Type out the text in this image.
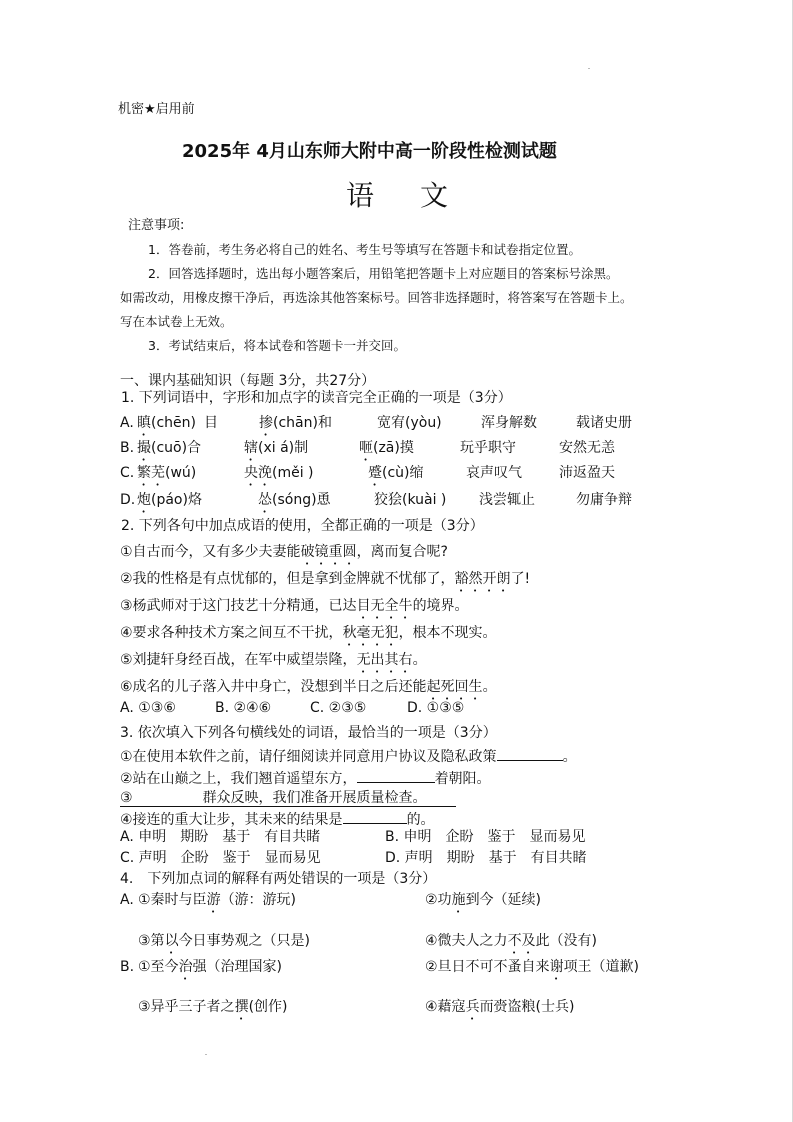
机密★启用前
2025年 4月山东师大附中高一阶段性检测试题
语 文
注意事项:
1．答卷前，考生务必将自己的姓名、考生号等填写在答题卡和试卷指定位置。
2．回答选择题时，选出每小题答案后，用铅笔把答题卡上对应题目的答案标号涂黑。
如需改动，用橡皮擦干净后，再选涂其他答案标号。回答非选择题时，将答案写在答题卡上。
写在本试卷上无效。
3．考试结束后，将本试卷和答题卡一并交回。
一、课内基础知识（每题 3分，共27分）
1. 下列词语中，字形和加点字的读音完全正确的一项是（3分）
A. 瞋(chēn) 目	掺(chān)和	宽宥(yòu)	浑身解数	载诸史册
B. 撮(cuō)合	辖(xi á)制	咂(zā)摸	玩乎职守	安然无恙
C. 繁芜(wú)	央浼(měi )	蹙(cù)缩	哀声叹气	沛返盈天
D. 炮(páo)烙	怂(sóng)恿	狡狯(kuài ) 浅尝辄止	勿庸争辩
2. 下列各句中加点成语的使用，全都正确的一项是（3分）
①自古而今，又有多少夫妻能破镜重圆，离而复合呢?
②我的性格是有点忧郁的，但是拿到金牌就不忧郁了，豁然开朗了!
③杨武师对于这门技艺十分精通，已达目无全牛的境界。
④要求各种技术方案之间互不干扰，秋毫无犯，根本不现实。
⑤刘捷轩身经百战，在军中威望崇隆，无出其右。
⑥成名的儿子落入井中身亡，没想到半日之后还能起死回生。
A. ①③⑥	B. ②④⑥	C. ②③⑤	D. ①③⑤
3. 依次填入下列各句横线处的词语，最恰当的一项是（3分）
①在使用本软件之前，请仔细阅读并同意用户协议及隐私政策	。
②站在山巅之上，我们翘首遥望东方，	着朝阳。
③	群众反映，我们准备开展质量检查。
④接连的重大让步，其未来的结果是	的。
A. 申明　期盼　基于　有目共睹	B. 申明　企盼　鉴于　显而易见
C. 声明　企盼　鉴于　显而易见	D. 声明　期盼　基于　有目共睹
4.　下列加点词的解释有两处错误的一项是（3分）
A. ①秦时与臣游（游：游玩)	②功施到今（延续)
③第以今日事势观之（只是)	④微夫人之力不及此（没有)
B. ①至今治强（治理国家)	②旦日不可不蚤自来谢项王（道歉)
③异乎三子者之撰(创作)	④藉寇兵而赍盗粮(士兵)
